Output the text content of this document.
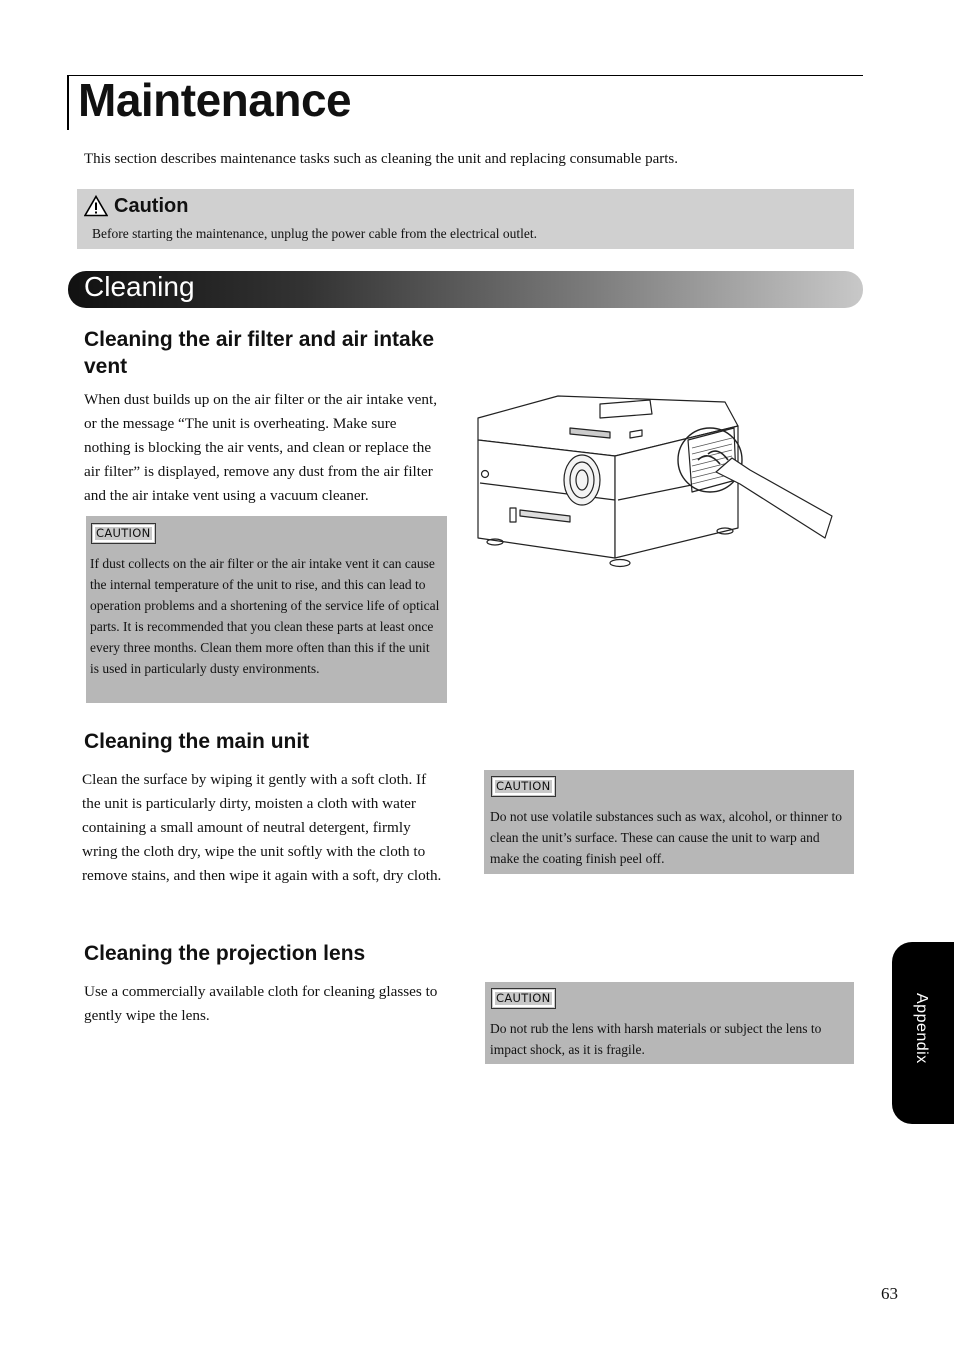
Maintenance
This section describes maintenance tasks such as cleaning the unit and replacing consumable parts.
Caution
Before starting the maintenance, unplug the power cable from the electrical outlet.
Cleaning
Cleaning the air filter and air intake vent
When dust builds up on the air filter or the air intake vent, or the message “The unit is overheating. Make sure nothing is blocking the air vents, and clean or replace the air filter” is displayed, remove any dust from the air filter and the air intake vent using a vacuum cleaner.
CAUTION
If dust collects on the air filter or the air intake vent it can cause the internal temperature of the unit to rise, and this can lead to operation problems and a shortening of the service life of optical parts. It is recommended that you clean these parts at least once every three months. Clean them more often than this if the unit is used in particularly dusty environments.
Cleaning the main unit
Clean the surface by wiping it gently with a soft cloth. If the unit is particularly dirty, moisten a cloth with water containing a small amount of neutral detergent, firmly wring the cloth dry, wipe the unit softly with the cloth to remove stains, and then wipe it again with a soft, dry cloth.
CAUTION
Do not use volatile substances such as wax, alcohol, or thinner to clean the unit’s surface. These can cause the unit to warp and make the coating finish peel off.
Cleaning the projection lens
Use a commercially available cloth for cleaning glasses to gently wipe the lens.
CAUTION
Do not rub the lens with harsh materials or subject the lens to impact shock, as it is fragile.	Appendix
63
